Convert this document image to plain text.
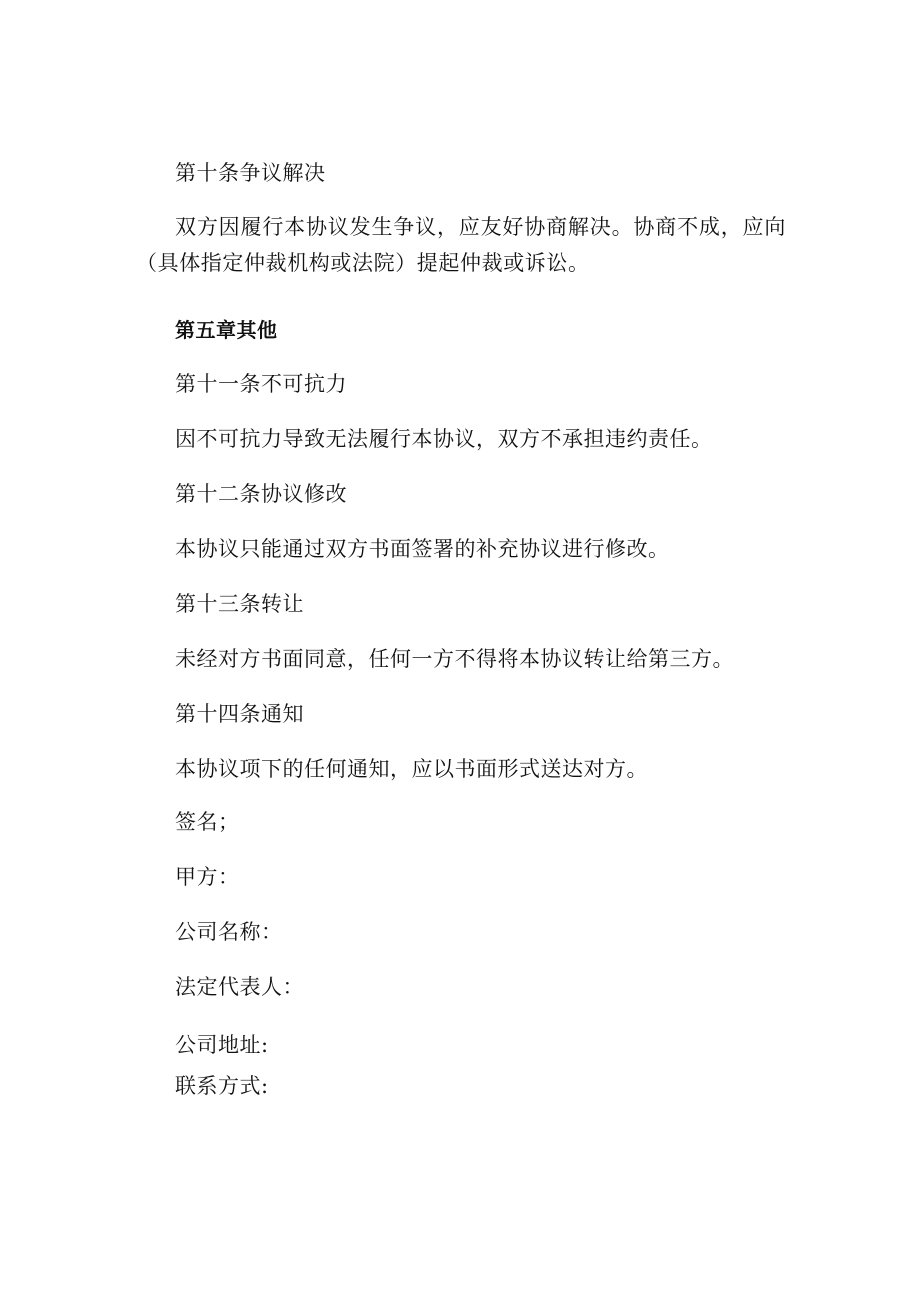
第十条争议解决
双方因履行本协议发生争议，应友好协商解决。协商不成，应向（具体指定仲裁机构或法院）提起仲裁或诉讼。
第五章其他
第十一条不可抗力
因不可抗力导致无法履行本协议，双方不承担违约责任。
第十二条协议修改
本协议只能通过双方书面签署的补充协议进行修改。
第十三条转让
未经对方书面同意，任何一方不得将本协议转让给第三方。
第十四条通知
本协议项下的任何通知，应以书面形式送达对方。
签名；
甲方：
公司名称：
法定代表人：
公司地址:
联系方式:
